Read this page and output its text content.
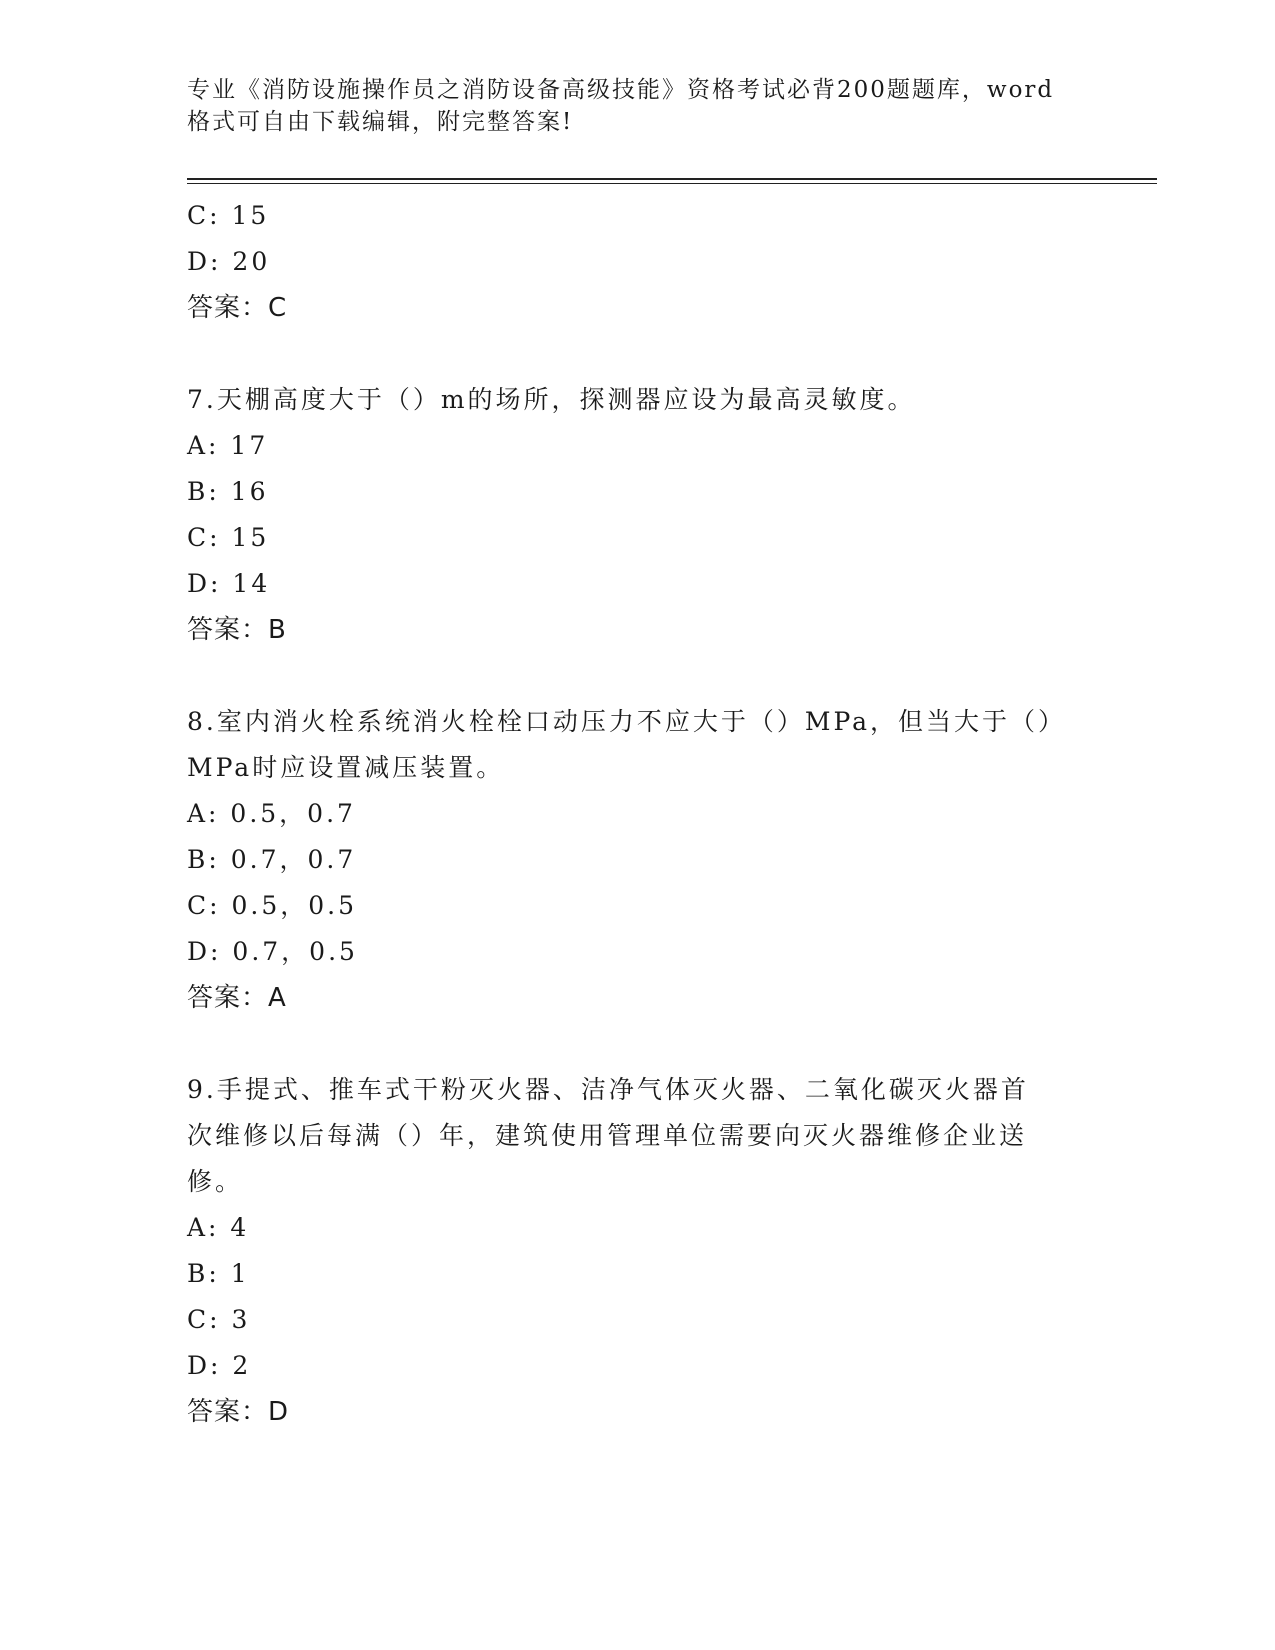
专业《消防设施操作员之消防设备高级技能》资格考试必背200题题库，word格式可自由下载编辑，附完整答案!
C: 15
D: 20
答案：C
7.天棚高度大于（）m的场所，探测器应设为最高灵敏度。
A: 17
B: 16
C: 15
D: 14
答案：B
8.室内消火栓系统消火栓栓口动压力不应大于（）MPa，但当大于（）
MPa时应设置减压装置。
A: 0.5，0.7
B: 0.7，0.7
C: 0.5，0.5
D: 0.7，0.5
答案：A
9.手提式、推车式干粉灭火器、洁净气体灭火器、二氧化碳灭火器首
次维修以后每满（）年，建筑使用管理单位需要向灭火器维修企业送
修。
A: 4
B: 1
C: 3
D: 2
答案：D
